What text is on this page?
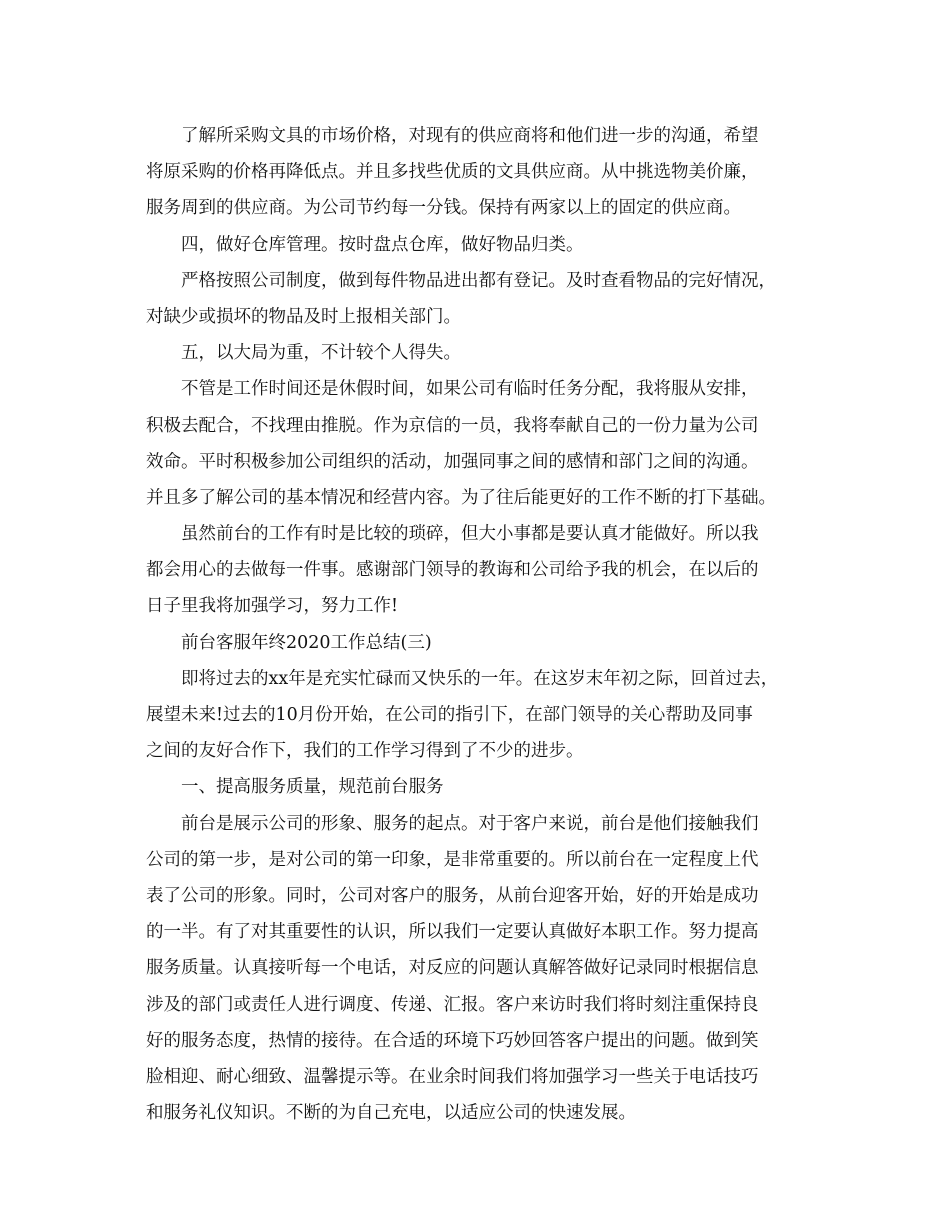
了解所采购文具的市场价格，对现有的供应商将和他们进一步的沟通，希望
将原采购的价格再降低点。并且多找些优质的文具供应商。从中挑选物美价廉，
服务周到的供应商。为公司节约每一分钱。保持有两家以上的固定的供应商。
四，做好仓库管理。按时盘点仓库，做好物品归类。
严格按照公司制度，做到每件物品进出都有登记。及时查看物品的完好情况，
对缺少或损坏的物品及时上报相关部门。
五，以大局为重，不计较个人得失。
不管是工作时间还是休假时间，如果公司有临时任务分配，我将服从安排，
积极去配合，不找理由推脱。作为京信的一员，我将奉献自己的一份力量为公司
效命。平时积极参加公司组织的活动，加强同事之间的感情和部门之间的沟通。
并且多了解公司的基本情况和经营内容。为了往后能更好的工作不断的打下基础。
虽然前台的工作有时是比较的琐碎，但大小事都是要认真才能做好。所以我
都会用心的去做每一件事。感谢部门领导的教诲和公司给予我的机会，在以后的
日子里我将加强学习，努力工作!
前台客服年终2020工作总结(三)
即将过去的xx年是充实忙碌而又快乐的一年。在这岁末年初之际，回首过去，
展望未来!过去的10月份开始，在公司的指引下，在部门领导的关心帮助及同事
之间的友好合作下，我们的工作学习得到了不少的进步。
一、提高服务质量，规范前台服务
前台是展示公司的形象、服务的起点。对于客户来说，前台是他们接触我们
公司的第一步，是对公司的第一印象，是非常重要的。所以前台在一定程度上代
表了公司的形象。同时，公司对客户的服务，从前台迎客开始，好的开始是成功
的一半。有了对其重要性的认识，所以我们一定要认真做好本职工作。努力提高
服务质量。认真接听每一个电话，对反应的问题认真解答做好记录同时根据信息
涉及的部门或责任人进行调度、传递、汇报。客户来访时我们将时刻注重保持良
好的服务态度，热情的接待。在合适的环境下巧妙回答客户提出的问题。做到笑
脸相迎、耐心细致、温馨提示等。在业余时间我们将加强学习一些关于电话技巧
和服务礼仪知识。不断的为自己充电，以适应公司的快速发展。
